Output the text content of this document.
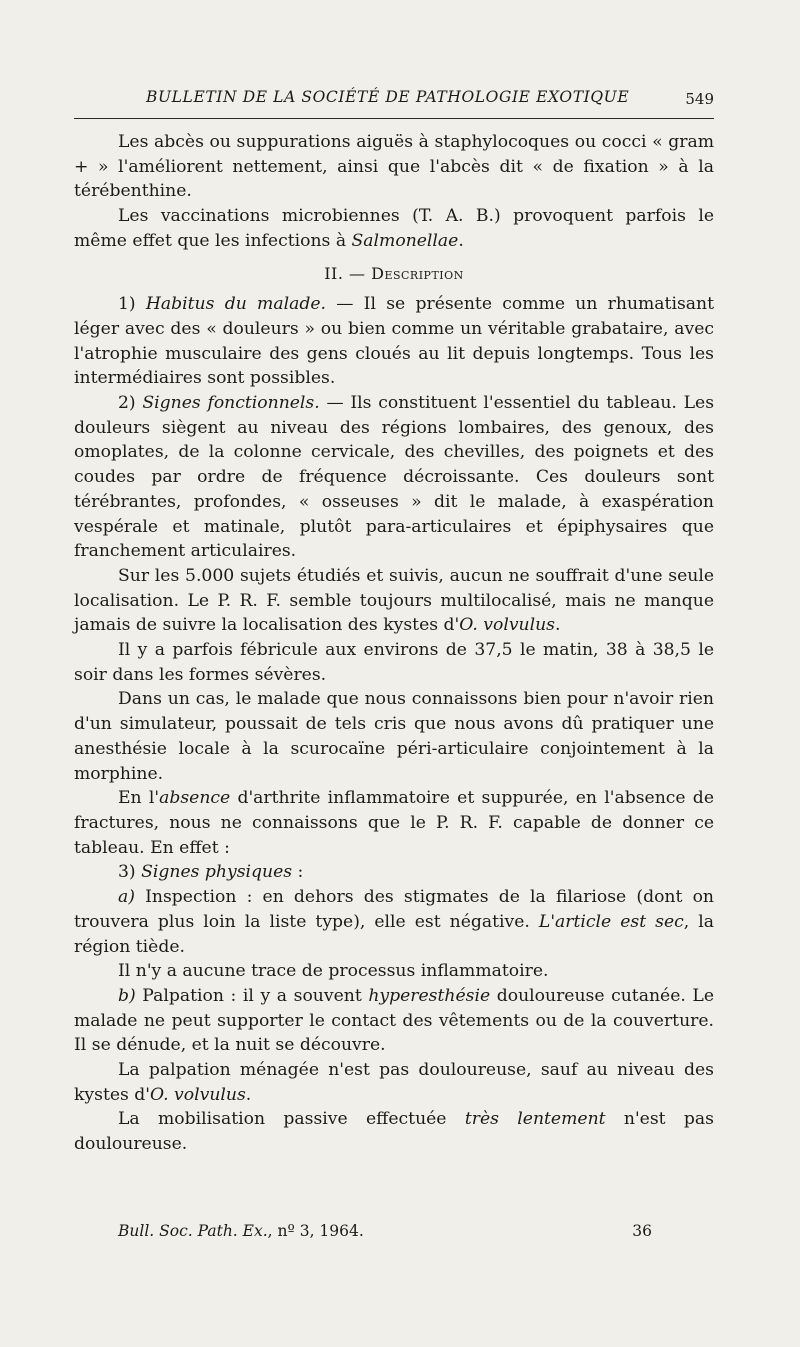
BULLETIN DE LA SOCIÉTÉ DE PATHOLOGIE EXOTIQUE	549

Les abcès ou suppurations aiguës à staphylocoques ou cocci « gram + » l'améliorent nettement, ainsi que l'abcès dit « de fixation » à la térébenthine.

Les vaccinations microbiennes (T. A. B.) provoquent parfois le même effet que les infections à Salmonellae.

II. — Description

1) Habitus du malade. — Il se présente comme un rhumatisant léger avec des « douleurs » ou bien comme un véritable grabataire, avec l'atrophie musculaire des gens cloués au lit depuis longtemps. Tous les intermédiaires sont possibles.

2) Signes fonctionnels. — Ils constituent l'essentiel du tableau. Les douleurs siègent au niveau des régions lombaires, des genoux, des omoplates, de la colonne cervicale, des chevilles, des poignets et des coudes par ordre de fréquence décroissante. Ces douleurs sont térébrantes, profondes, « osseuses » dit le malade, à exaspération vespérale et matinale, plutôt para-articulaires et épiphysaires que franchement articulaires.

Sur les 5.000 sujets étudiés et suivis, aucun ne souffrait d'une seule localisation. Le P. R. F. semble toujours multilocalisé, mais ne manque jamais de suivre la localisation des kystes d'O. volvulus.

Il y a parfois fébricule aux environs de 37,5 le matin, 38 à 38,5 le soir dans les formes sévères.

Dans un cas, le malade que nous connaissons bien pour n'avoir rien d'un simulateur, poussait de tels cris que nous avons dû pratiquer une anesthésie locale à la scurocaïne péri-articulaire conjointement à la morphine.

En l'absence d'arthrite inflammatoire et suppurée, en l'absence de fractures, nous ne connaissons que le P. R. F. capable de donner ce tableau. En effet :

3) Signes physiques :

a) Inspection : en dehors des stigmates de la filariose (dont on trouvera plus loin la liste type), elle est négative. L'article est sec, la région tiède.

Il n'y a aucune trace de processus inflammatoire.

b) Palpation : il y a souvent hyperesthésie douloureuse cutanée. Le malade ne peut supporter le contact des vêtements ou de la couverture. Il se dénude, et la nuit se découvre.

La palpation ménagée n'est pas douloureuse, sauf au niveau des kystes d'O. volvulus.

La mobilisation passive effectuée très lentement n'est pas douloureuse.

Bull. Soc. Path. Ex., nº 3, 1964.	36
